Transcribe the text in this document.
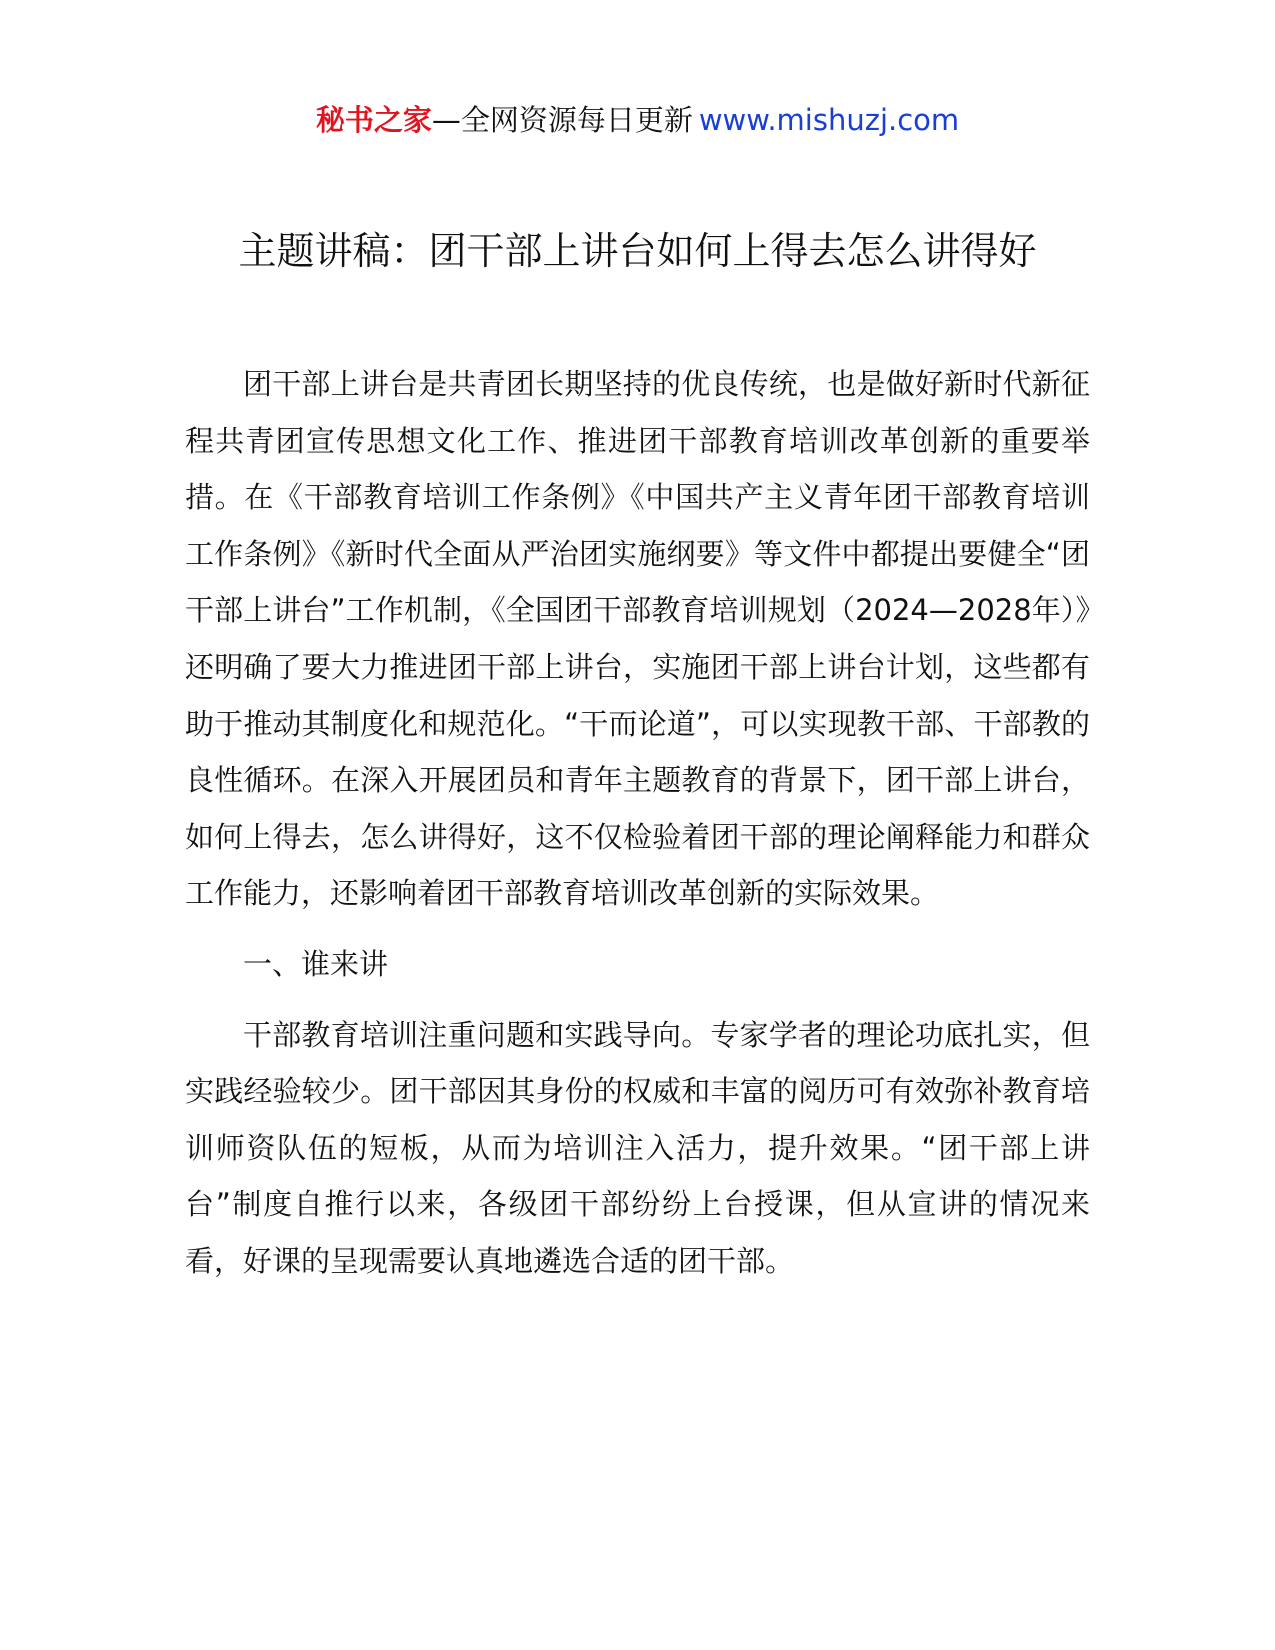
秘书之家—全网资源每日更新 www.mishuzj.com
主题讲稿：团干部上讲台如何上得去怎么讲得好

团干部上讲台是共青团长期坚持的优良传统，也是做好新时代新征程共青团宣传思想文化工作、推进团干部教育培训改革创新的重要举措。在《干部教育培训工作条例》《中国共产主义青年团干部教育培训工作条例》《新时代全面从严治团实施纲要》等文件中都提出要健全“团干部上讲台”工作机制，《全国团干部教育培训规划（2024—2028年）》还明确了要大力推进团干部上讲台，实施团干部上讲台计划，这些都有助于推动其制度化和规范化。“干而论道”，可以实现教干部、干部教的良性循环。在深入开展团员和青年主题教育的背景下，团干部上讲台，如何上得去，怎么讲得好，这不仅检验着团干部的理论阐释能力和群众工作能力，还影响着团干部教育培训改革创新的实际效果。

一、谁来讲

干部教育培训注重问题和实践导向。专家学者的理论功底扎实，但实践经验较少。团干部因其身份的权威和丰富的阅历可有效弥补教育培训师资队伍的短板，从而为培训注入活力，提升效果。“团干部上讲台”制度自推行以来，各级团干部纷纷上台授课，但从宣讲的情况来看，好课的呈现需要认真地遴选合适的团干部。
